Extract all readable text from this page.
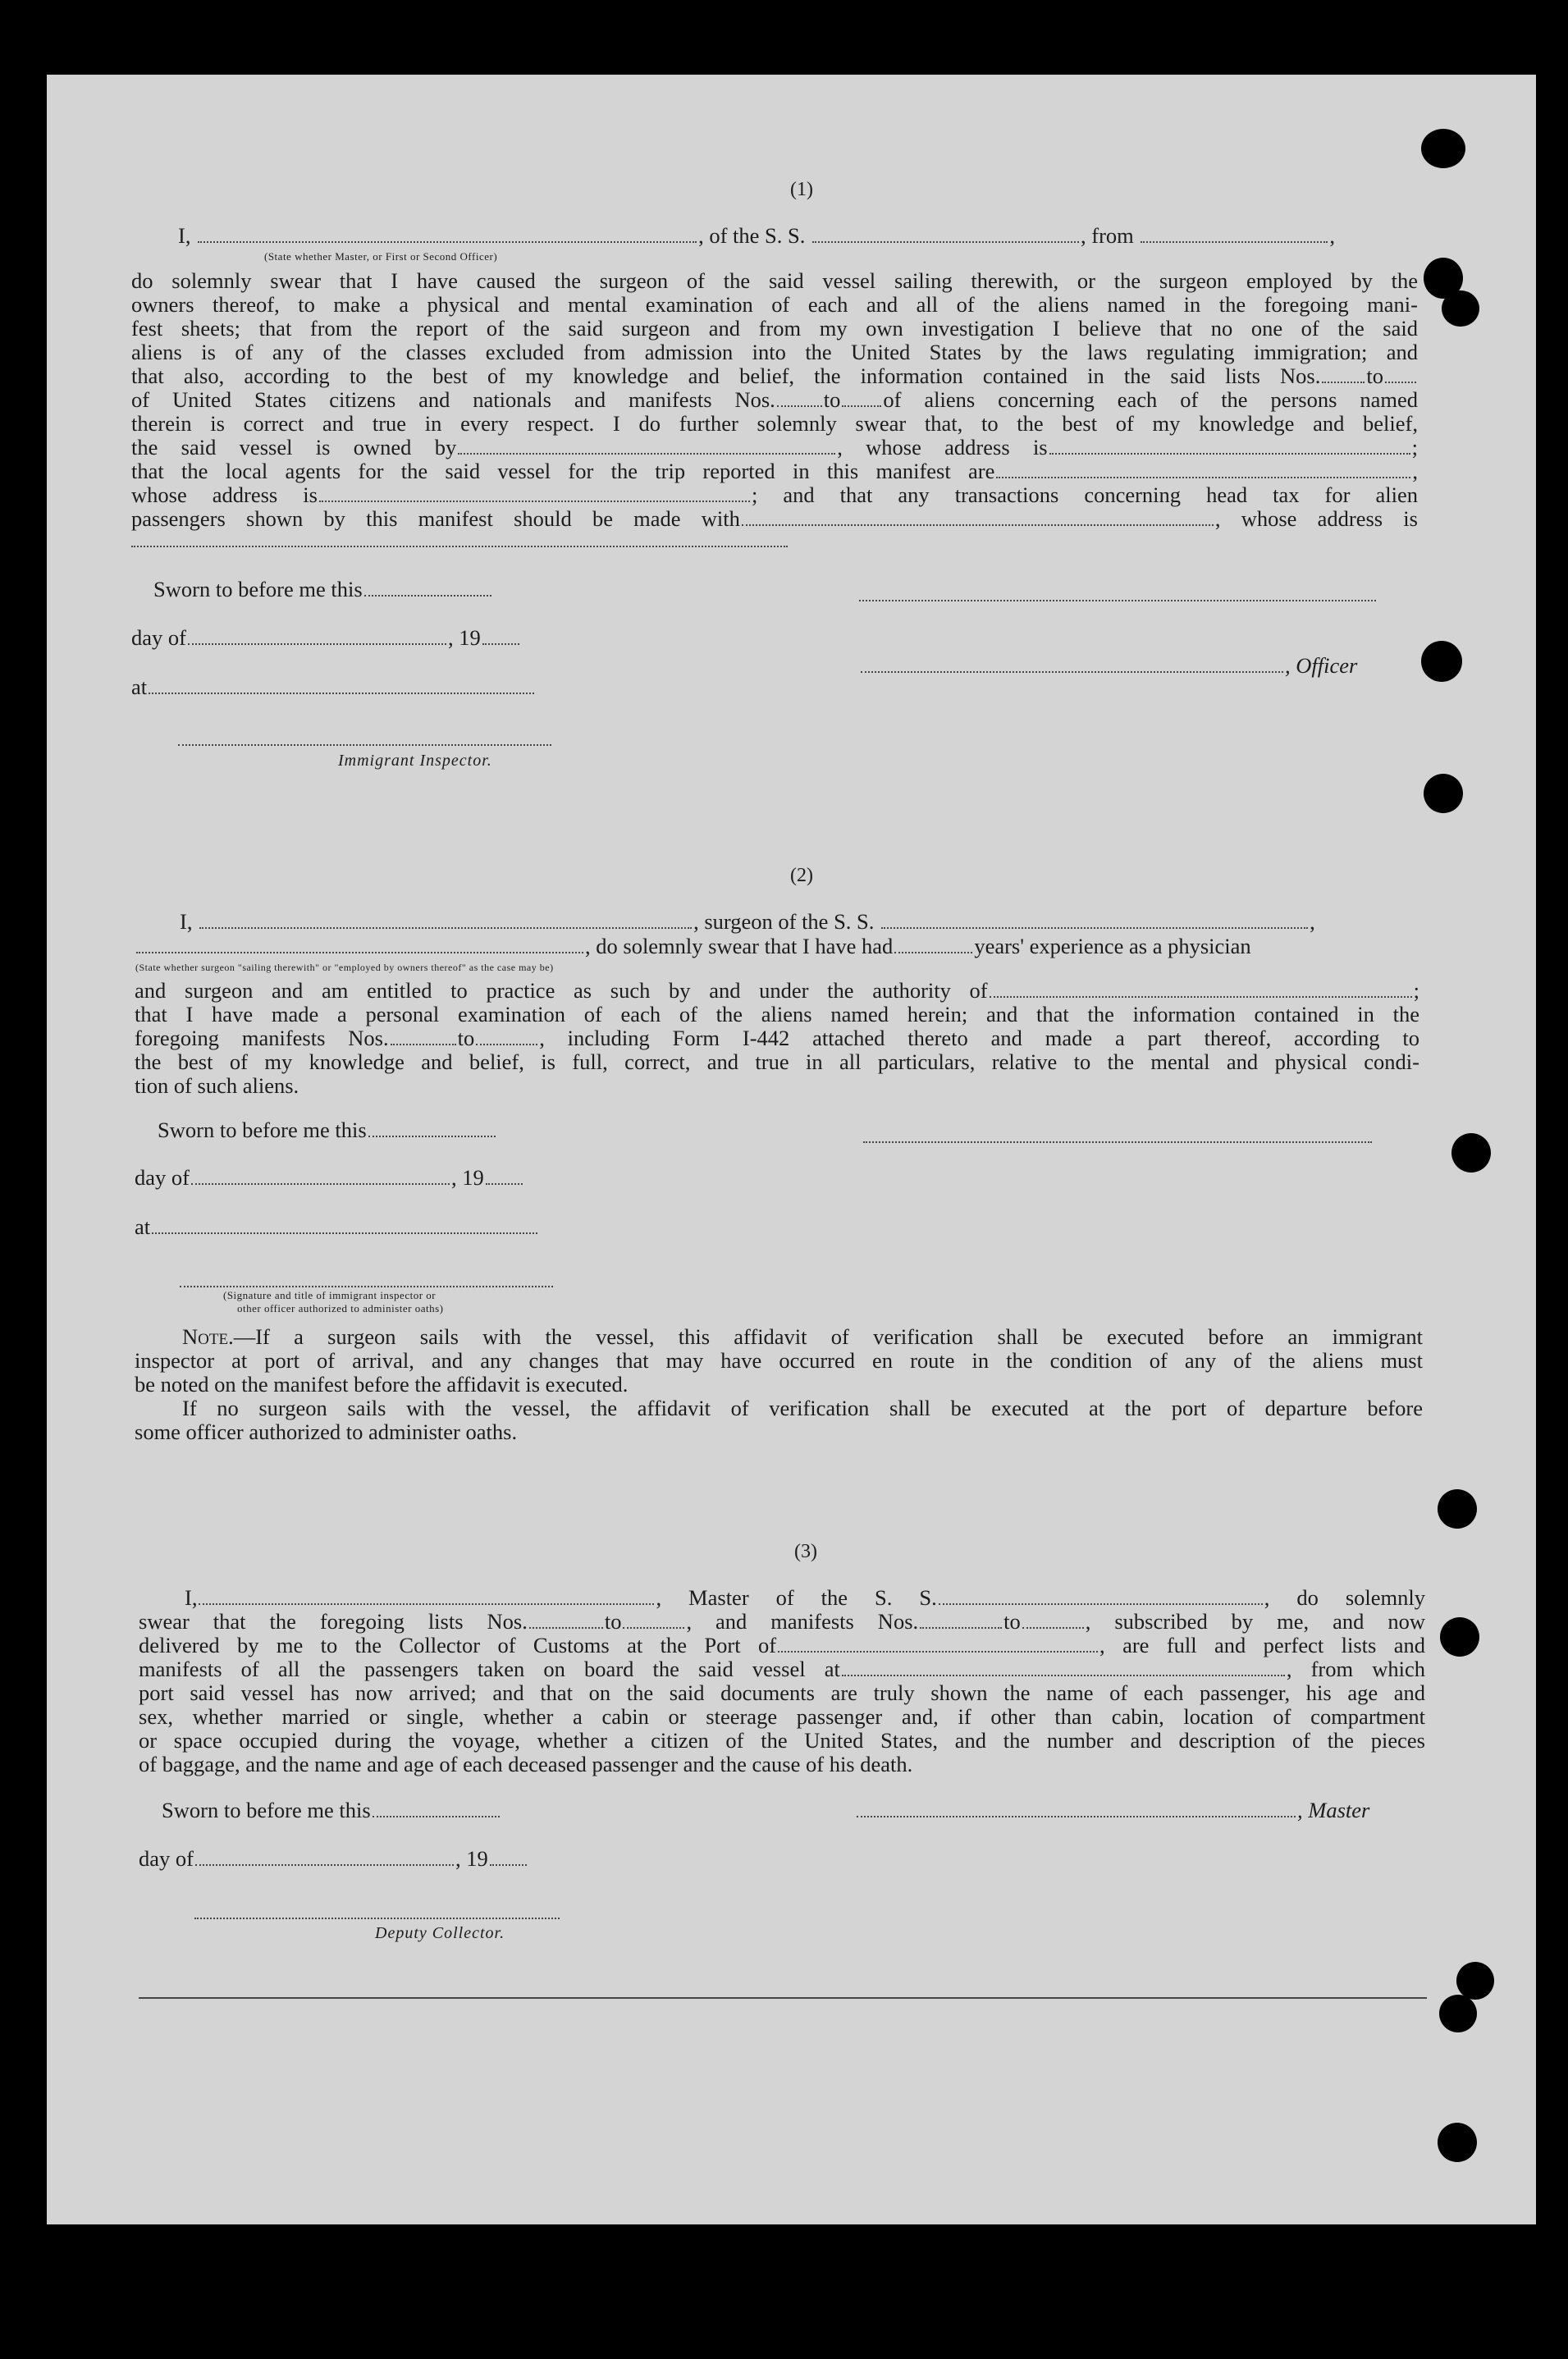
(1)
I,	, of the S. S.	, from	,
(State whether Master, or First or Second Officer)
do solemnly swear that I have caused the surgeon of the said vessel sailing therewith, or the surgeon employed by the
owners thereof, to make a physical and mental examination of each and all of the aliens named in the foregoing mani-
fest sheets; that from the report of the said surgeon and from my own investigation I believe that no one of the said
aliens is of any of the classes excluded from admission into the United States by the laws regulating immigration; and
that also, according to the best of my knowledge and belief, the information contained in the said lists Nos. to
of United States citizens and nationals and manifests Nos. to of aliens concerning each of the persons named
therein is correct and true in every respect. I do further solemnly swear that, to the best of my knowledge and belief,
the said vessel is owned by	, whose address is	;
that the local agents for the said vessel for the trip reported in this manifest are	,
whose address is	; and that any transactions concerning head tax for alien
passengers shown by this manifest should be made with	, whose address is
Sworn to before me this
day of	, 19
, Officer
at
Immigrant Inspector.
(2)
I,	, surgeon of the S. S.	,
, do solemnly swear that I have had	years' experience as a physician
(State whether surgeon "sailing therewith" or "employed by owners thereof" as the case may be)
and surgeon and am entitled to practice as such by and under the authority of	;
that I have made a personal examination of each of the aliens named herein; and that the information contained in the
foregoing manifests Nos.	to	, including Form I-442 attached thereto and made a part thereof, according to
the best of my knowledge and belief, is full, correct, and true in all particulars, relative to the mental and physical condi-
tion of such aliens.
Sworn to before me this
day of	, 19
at
(Signature and title of immigrant inspector or
other officer authorized to administer oaths)
Note.—If a surgeon sails with the vessel, this affidavit of verification shall be executed before an immigrant
inspector at port of arrival, and any changes that may have occurred en route in the condition of any of the aliens must
be noted on the manifest before the affidavit is executed.
If no surgeon sails with the vessel, the affidavit of verification shall be executed at the port of departure before
some officer authorized to administer oaths.
(3)
I,	, Master of the S. S.	, do solemnly
swear that the foregoing lists Nos.	to	, and manifests Nos.	to	, subscribed by me, and now
delivered by me to the Collector of Customs at the Port of	, are full and perfect lists and
manifests of all the passengers taken on board the said vessel at	, from which
port said vessel has now arrived; and that on the said documents are truly shown the name of each passenger, his age and
sex, whether married or single, whether a cabin or steerage passenger and, if other than cabin, location of compartment
or space occupied during the voyage, whether a citizen of the United States, and the number and description of the pieces
of baggage, and the name and age of each deceased passenger and the cause of his death.
Sworn to before me this	, Master
day of	, 19
Deputy Collector.
